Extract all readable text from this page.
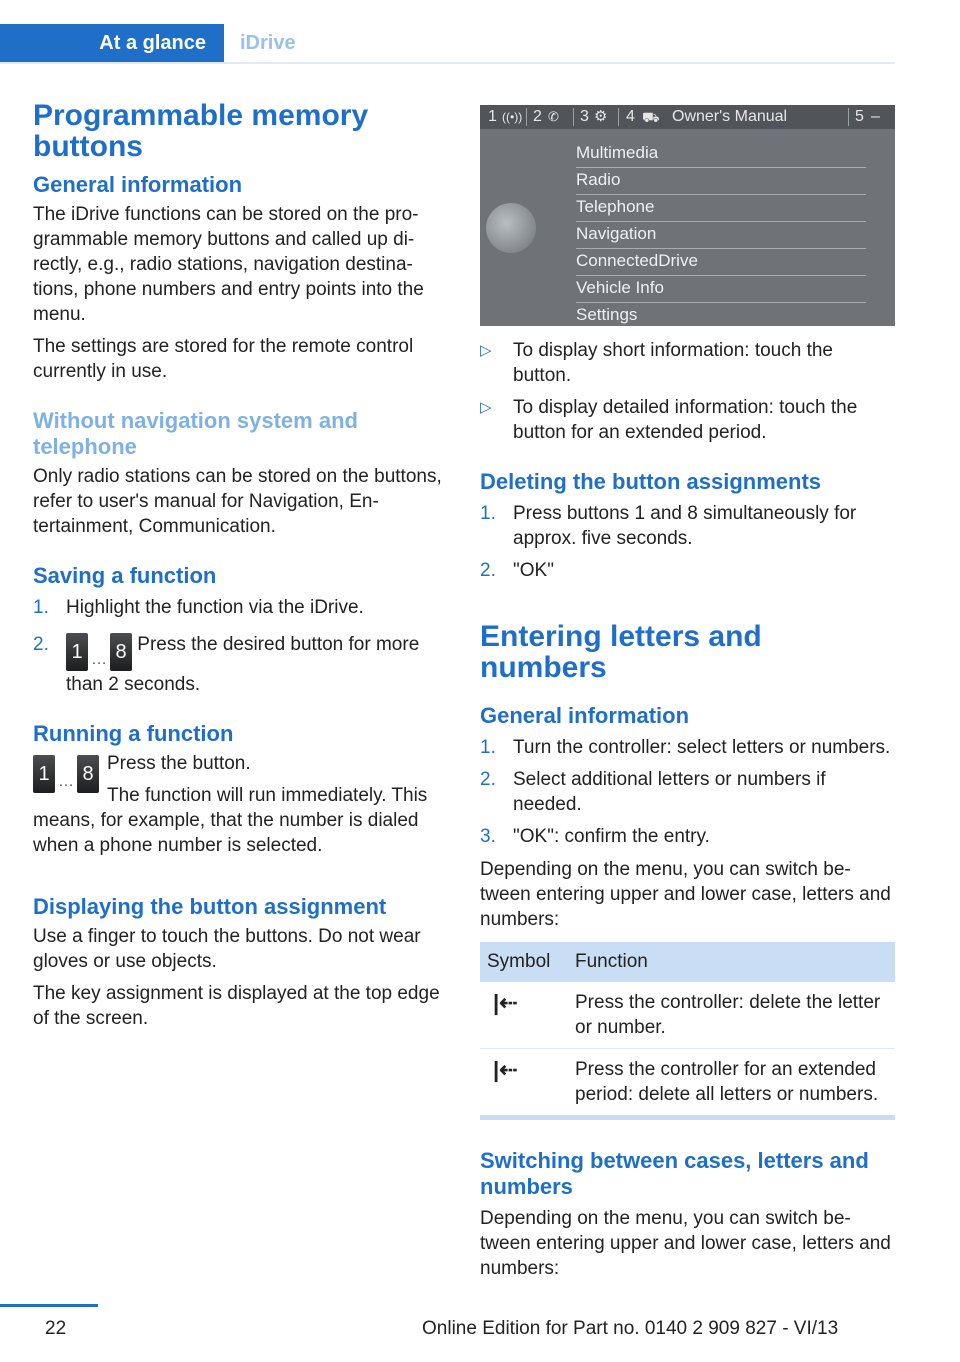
At a glance	iDrive
Programmable memory buttons
General information

The iDrive functions can be stored on the programmable memory buttons and called up directly, e.g., radio stations, navigation destinations, phone numbers and entry points into the menu.

The settings are stored for the remote control currently in use.

Without navigation system and telephone

Only radio stations can be stored on the buttons, refer to user's manual for Navigation, Entertainment, Communication.

Saving a function
1. Highlight the function via the iDrive.
2. 1 … 8 Press the desired button for more than 2 seconds.
Running a function
1 … 8 Press the button.

The function will run immediately. This means, for example, that the number is dialed when a phone number is selected.

Displaying the button assignment

Use a finger to touch the buttons. Do not wear gloves or use objects.

The key assignment is displayed at the top edge of the screen.

1 ((•)) 2 ✆ 3 ⚙ 4 ⛟ Owner's Manual	5 –
Multimedia
Radio
Telephone
Navigation
ConnectedDrive
Vehicle Info
Settings
▷ To display short information: touch the button.
▷ To display detailed information: touch the button for an extended period.
Deleting the button assignments
1. Press buttons 1 and 8 simultaneously for approx. five seconds.
2. "OK"
Entering letters and numbers
General information
1. Turn the controller: select letters or numbers.
2. Select additional letters or numbers if needed.
3. "OK": confirm the entry.

Depending on the menu, you can switch between entering upper and lower case, letters and numbers:

Symbol	Function
|⇠	Press the controller: delete the letter or number.
|⇠	Press the controller for an extended period: delete all letters or numbers.
Switching between cases, letters and numbers

Depending on the menu, you can switch between entering upper and lower case, letters and numbers:

22	Online Edition for Part no. 0140 2 909 827 - VI/13
